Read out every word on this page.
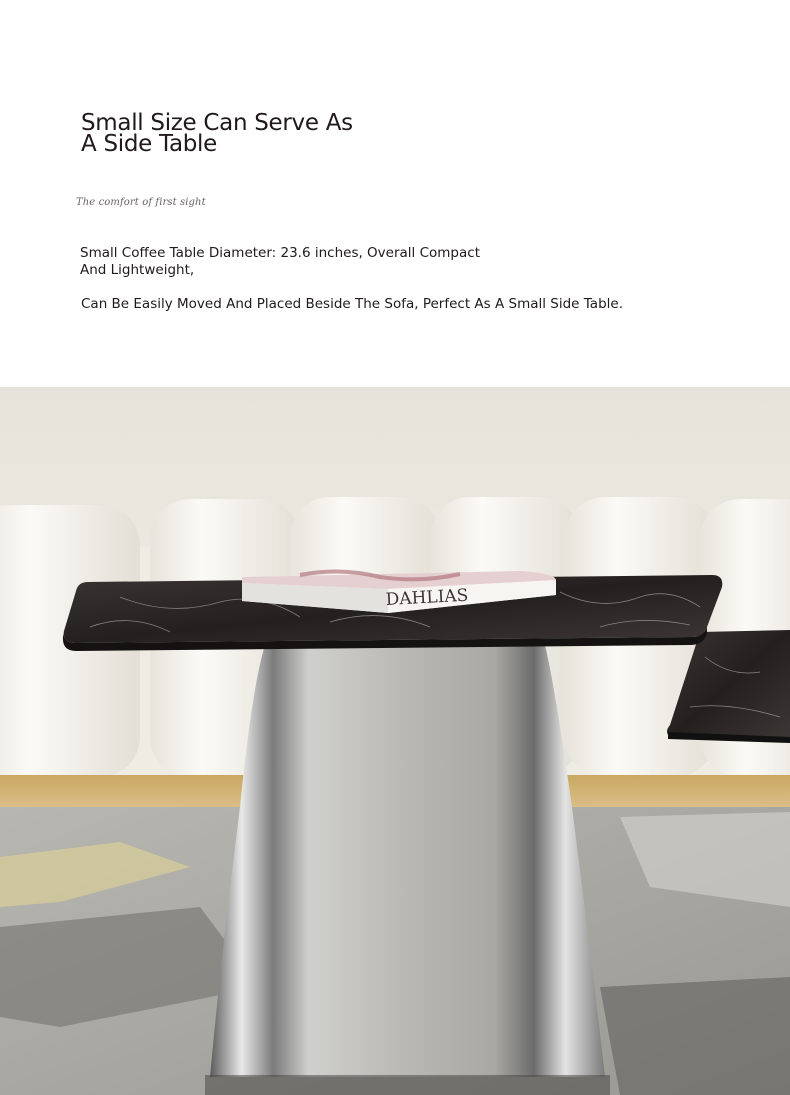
Small Size Can Serve As
A Side Table
The comfort of first sight
Small Coffee Table Diameter: 23.6 inches, Overall Compact
And Lightweight,
Can Be Easily Moved And Placed Beside The Sofa, Perfect As A Small Side Table.
DAHLIAS
